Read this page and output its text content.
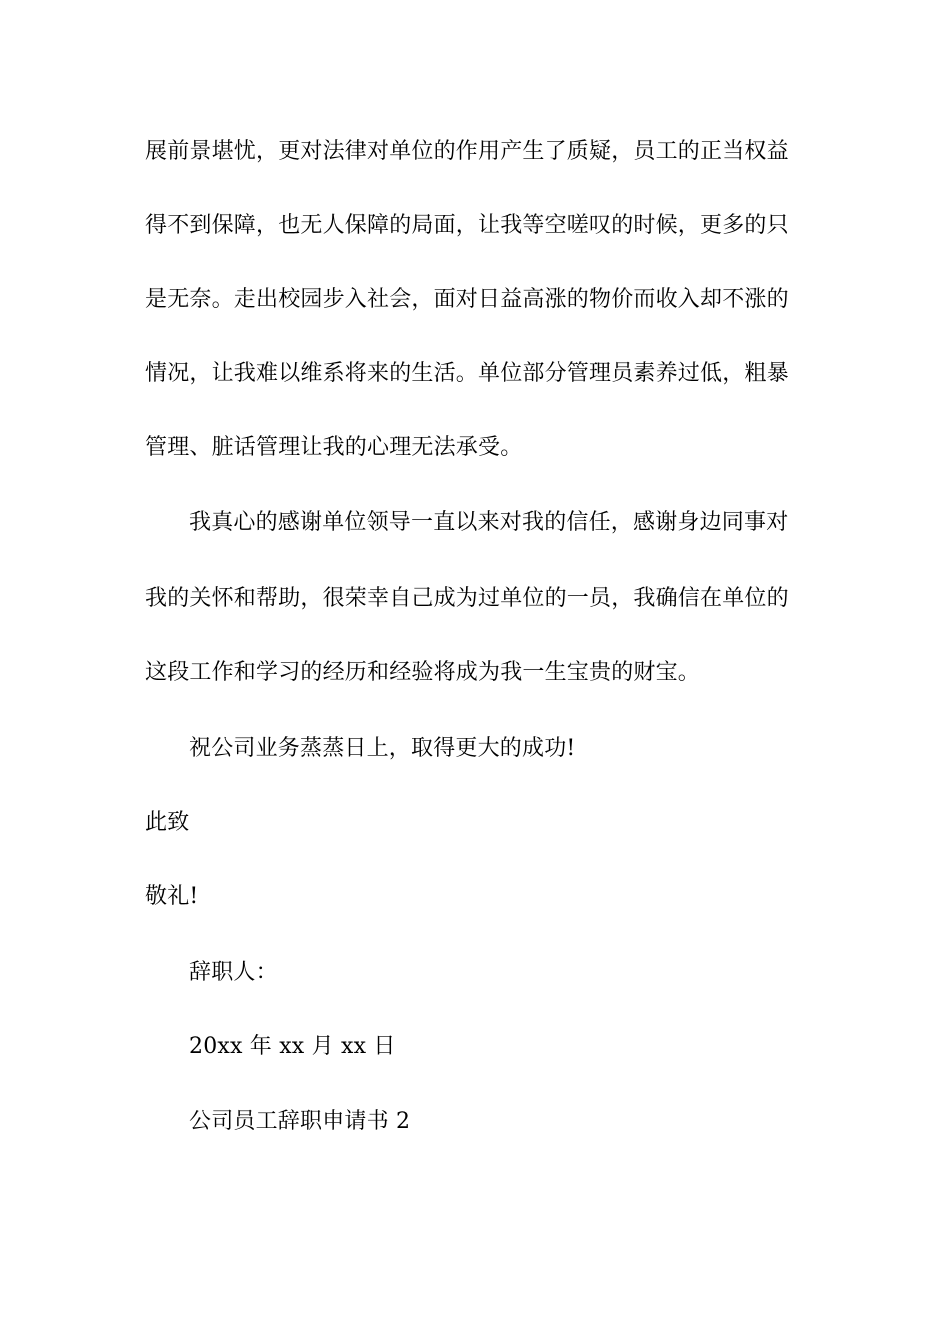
展前景堪忧，更对法律对单位的作用产生了质疑，员工的正当权益
得不到保障，也无人保障的局面，让我等空嗟叹的时候，更多的只
是无奈。走出校园步入社会，面对日益高涨的物价而收入却不涨的
情况，让我难以维系将来的生活。单位部分管理员素养过低，粗暴
管理、脏话管理让我的心理无法承受。
我真心的感谢单位领导一直以来对我的信任，感谢身边同事对
我的关怀和帮助，很荣幸自己成为过单位的一员，我确信在单位的
这段工作和学习的经历和经验将成为我一生宝贵的财宝。
祝公司业务蒸蒸日上，取得更大的成功!
此致
敬礼!
辞职人：
20xx 年 xx 月 xx 日
公司员工辞职申请书 2
